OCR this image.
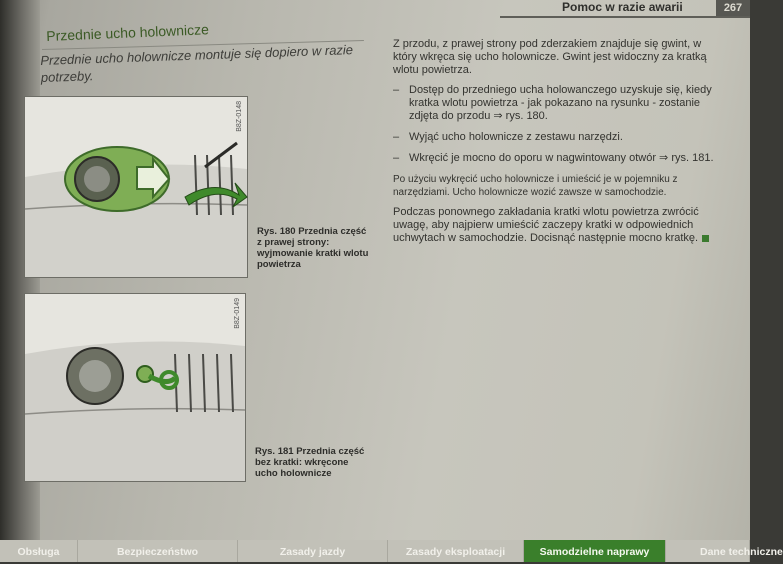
Pomoc w razie awarii	267
Przednie ucho holownicze
Przednie ucho holownicze montuje się dopiero w razie potrzeby.
B8Z-0148
Rys. 180 Przednia część z prawej strony: wyjmowanie kratki wlotu powietrza
B8Z-0149
Rys. 181 Przednia część bez kratki: wkręcone ucho holownicze

Z przodu, z prawej strony pod zderzakiem znajduje się gwint, w który wkręca się ucho holownicze. Gwint jest widoczny za kratką wlotu powietrza.

– Dostęp do przedniego ucha holowanczego uzyskuje się, kiedy kratka wlotu powietrza - jak pokazano na rysunku - zostanie zdjęta do przodu ⇒ rys. 180.
– Wyjąć ucho holownicze z zestawu narzędzi.
– Wkręcić je mocno do oporu w nagwintowany otwór ⇒ rys. 181.

Po użyciu wykręcić ucho holownicze i umieścić je w pojemniku z narzędziami. Ucho holownicze wozić zawsze w samochodzie.

Podczas ponownego zakładania kratki wlotu powietrza zwrócić uwagę, aby najpierw umieścić zaczepy kratki w odpowiednich uchwytach w samochodzie. Docisnąć następnie mocno kratkę.

Obsługa	Bezpieczeństwo	Zasady jazdy	Zasady eksploatacji	Samodzielne naprawy	Dane techniczne
